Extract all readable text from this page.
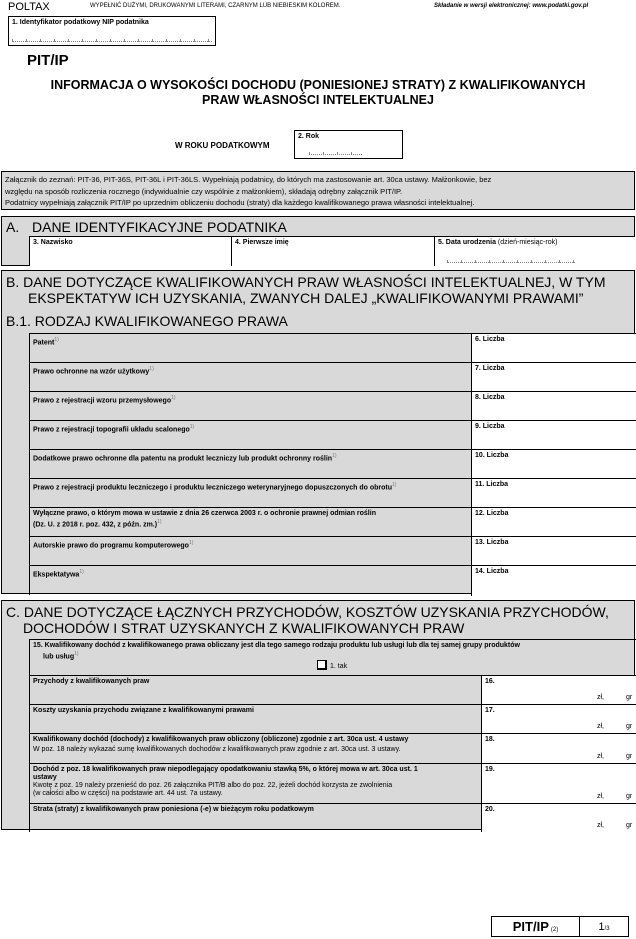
POLTAX	WYPEŁNIĆ DUŻYMI, DRUKOWANYMI LITERAMI, CZARNYM LUB NIEBIESKIM KOLOREM.	Składanie w wersji elektronicznej: www.podatki.gov.pl
1. Identyfikator podatkowy NIP podatnika
PIT/IP
INFORMACJA O WYSOKOŚCI DOCHODU (PONIESIONEJ STRATY) Z KWALIFIKOWANYCH
PRAW WŁASNOŚCI INTELEKTUALNEJ
W ROKU PODATKOWYM
2. Rok
Załącznik do zeznań: PIT-36, PIT-36S, PIT-36L i PIT-36LS. Wypełniają podatnicy, do których ma zastosowanie art. 30ca ustawy. Małżonkowie, bez
względu na sposób rozliczenia rocznego (indywidualnie czy wspólnie z małżonkiem), składają odrębny załącznik PIT/IP.
Podatnicy wypełniają załącznik PIT/IP po uprzednim obliczeniu dochodu (straty) dla każdego kwalifikowanego prawa własności intelektualnej.
A. DANE IDENTYFIKACYJNE PODATNIKA
3. Nazwisko	4. Pierwsze imię	5. Data urodzenia (dzień-miesiąc-rok)
B. DANE DOTYCZĄCE KWALIFIKOWANYCH PRAW WŁASNOŚCI INTELEKTUALNEJ, W TYM
EKSPEKTATYW ICH UZYSKANIA, ZWANYCH DALEJ „KWALIFIKOWANYMI PRAWAMI”
B.1. RODZAJ KWALIFIKOWANEGO PRAWA
Patent$^{1)}$	6. Liczba
Prawo ochronne na wzór użytkowy$^{1)}$	7. Liczba
Prawo z rejestracji wzoru przemysłowego$^{1)}$	8. Liczba
Prawo z rejestracji topografii układu scalonego$^{1)}$	9. Liczba
Dodatkowe prawo ochronne dla patentu na produkt leczniczy lub produkt ochronny roślin$^{1)}$	10. Liczba
Prawo z rejestracji produktu leczniczego i produktu leczniczego weterynaryjnego dopuszczonych do obrotu$^{1)}$	11. Liczba
Wyłączne prawo, o którym mowa w ustawie z dnia 26 czerwca 2003 r. o ochronie prawnej odmian roślin
(Dz. U. z 2018 r. poz. 432, z późn. zm.)$^{1)}$
12. Liczba
Autorskie prawo do programu komputerowego$^{1)}$	13. Liczba
Ekspektatywa$^{1)}$	14. Liczba
C. DANE DOTYCZĄCE ŁĄCZNYCH PRZYCHODÓW, KOSZTÓW UZYSKANIA PRZYCHODÓW,
DOCHODÓW I STRAT UZYSKANYCH Z KWALIFIKOWANYCH PRAW
15. Kwalifikowany dochód z kwalifikowanego prawa obliczany jest dla tego samego rodzaju produktu lub usługi lub dla tej samej grupy produktów
lub usług$^{1)}$
1. tak
Przychody z kwalifikowanych praw	16.
zł,	gr
Koszty uzyskania przychodu związane z kwalifikowanymi prawami	17.
zł,	gr
Kwalifikowany dochód (dochody) z kwalifikowanych praw obliczony (obliczone) zgodnie z art. 30ca ust. 4 ustawy
W poz. 18 należy wykazać sumę kwalifikowanych dochodów z kwalifikowanych praw zgodnie z art. 30ca ust. 3 ustawy.
18.
zł,	gr
Dochód z poz. 18 kwalifikowanych praw niepodlegający opodatkowaniu stawką 5%, o której mowa w art. 30ca ust. 1
ustawy
Kwotę z poz. 19 należy przenieść do poz. 26 załącznika PIT/B albo do poz. 22, jeżeli dochód korzysta ze zwolnienia
(w całości albo w części) na podstawie art. 44 ust. 7a ustawy.
19.
zł,	gr
Strata (straty) z kwalifikowanych praw poniesiona (-e) w bieżącym roku podatkowym	20.
zł,	gr
PIT/IP (2)	1 /3
